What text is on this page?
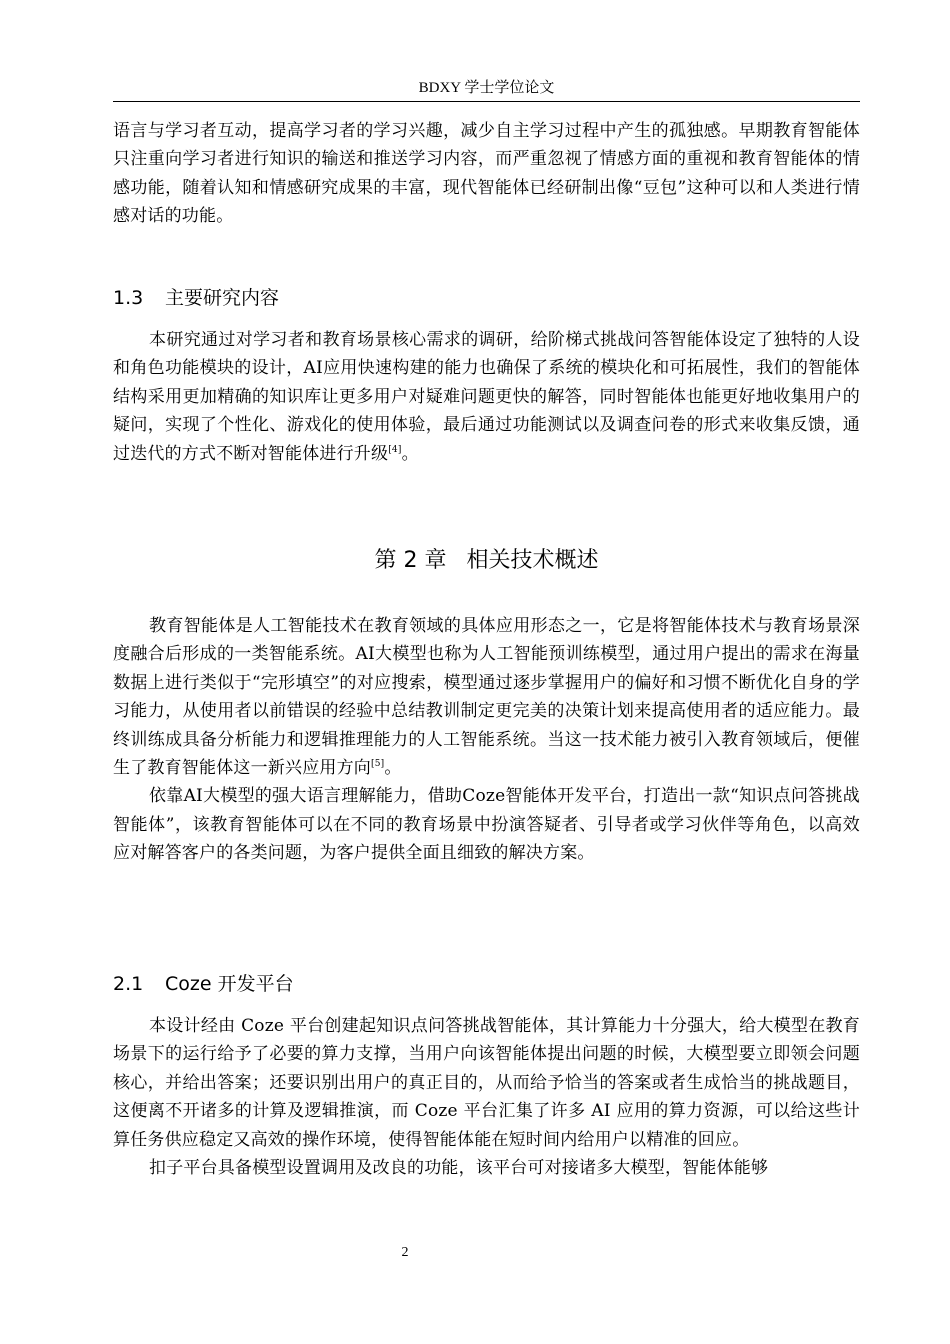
BDXY 学士学位论文

语言与学习者互动，提高学习者的学习兴趣，减少自主学习过程中产生的孤独感。早期教育智能体只注重向学习者进行知识的输送和推送学习内容，而严重忽视了情感方面的重视和教育智能体的情感功能，随着认知和情感研究成果的丰富，现代智能体已经研制出像“豆包”这种可以和人类进行情感对话的功能。

1.3 主要研究内容

本研究通过对学习者和教育场景核心需求的调研，给阶梯式挑战问答智能体设定了独特的人设和角色功能模块的设计，AI应用快速构建的能力也确保了系统的模块化和可拓展性，我们的智能体结构采用更加精确的知识库让更多用户对疑难问题更快的解答，同时智能体也能更好地收集用户的疑问，实现了个性化、游戏化的使用体验，最后通过功能测试以及调查问卷的形式来收集反馈，通过迭代的方式不断对智能体进行升级[4]。

第 2 章 相关技术概述

教育智能体是人工智能技术在教育领域的具体应用形态之一，它是将智能体技术与教育场景深度融合后形成的一类智能系统。AI大模型也称为人工智能预训练模型，通过用户提出的需求在海量数据上进行类似于“完形填空”的对应搜索，模型通过逐步掌握用户的偏好和习惯不断优化自身的学习能力，从使用者以前错误的经验中总结教训制定更完美的决策计划来提高使用者的适应能力。最终训练成具备分析能力和逻辑推理能力的人工智能系统。当这一技术能力被引入教育领域后，便催生了教育智能体这一新兴应用方向[5]。

依靠AI大模型的强大语言理解能力，借助Coze智能体开发平台，打造出一款“知识点问答挑战智能体”，该教育智能体可以在不同的教育场景中扮演答疑者、引导者或学习伙伴等角色，以高效应对解答客户的各类问题，为客户提供全面且细致的解决方案。

2.1 Coze 开发平台

本设计经由 Coze 平台创建起知识点问答挑战智能体，其计算能力十分强大，给大模型在教育场景下的运行给予了必要的算力支撑，当用户向该智能体提出问题的时候，大模型要立即领会问题核心，并给出答案；还要识别出用户的真正目的，从而给予恰当的答案或者生成恰当的挑战题目，这便离不开诸多的计算及逻辑推演，而 Coze 平台汇集了许多 AI 应用的算力资源，可以给这些计算任务供应稳定又高效的操作环境，使得智能体能在短时间内给用户以精准的回应。

扣子平台具备模型设置调用及改良的功能，该平台可对接诸多大模型，智能体能够

2
